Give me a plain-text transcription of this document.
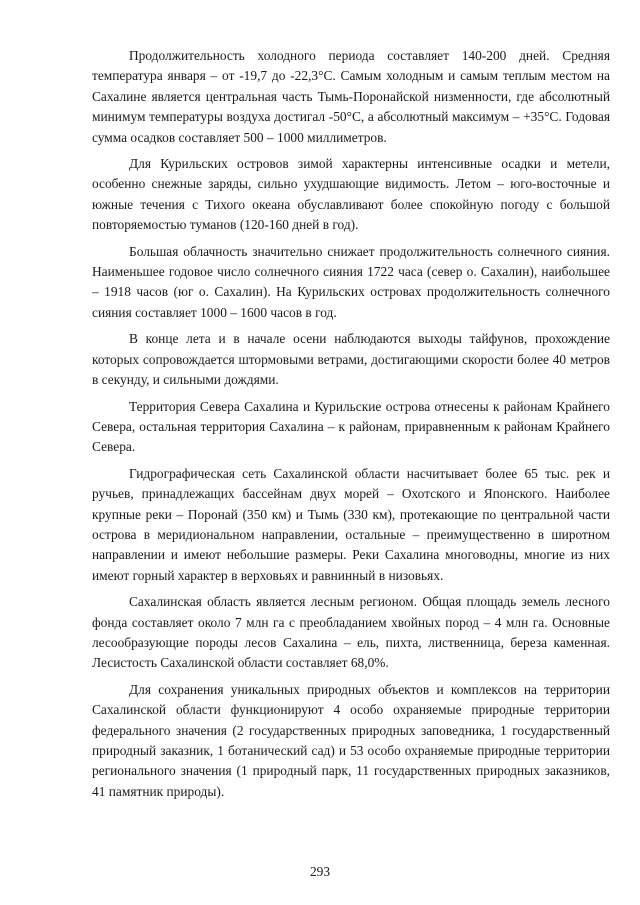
Продолжительность холодного периода составляет 140-200 дней. Средняя температура января – от -19,7 до -22,3°С. Самым холодным и самым теплым местом на Сахалине является центральная часть Тымь-Поронайской низменности, где абсолютный минимум температуры воздуха достигал -50°С, а абсолютный максимум – +35°С. Годовая сумма осадков составляет 500 – 1000 миллиметров.

Для Курильских островов зимой характерны интенсивные осадки и метели, особенно снежные заряды, сильно ухудшающие видимость. Летом – юго-восточные и южные течения с Тихого океана обуславливают более спокойную погоду с большой повторяемостью туманов (120-160 дней в год).

Большая облачность значительно снижает продолжительность солнечного сияния. Наименьшее годовое число солнечного сияния 1722 часа (север о. Сахалин), наибольшее – 1918 часов (юг о. Сахалин). На Курильских островах продолжительность солнечного сияния составляет 1000 – 1600 часов в год.

В конце лета и в начале осени наблюдаются выходы тайфунов, прохождение которых сопровождается штормовыми ветрами, достигающими скорости более 40 метров в секунду, и сильными дождями.

Территория Севера Сахалина и Курильские острова отнесены к районам Крайнего Севера, остальная территория Сахалина – к районам, приравненным к районам Крайнего Севера.

Гидрографическая сеть Сахалинской области насчитывает более 65 тыс. рек и ручьев, принадлежащих бассейнам двух морей – Охотского и Японского. Наиболее крупные реки – Поронай (350 км) и Тымь (330 км), протекающие по центральной части острова в меридиональном направлении, остальные – преимущественно в широтном направлении и имеют небольшие размеры. Реки Сахалина многоводны, многие из них имеют горный характер в верховьях и равнинный в низовьях.

Сахалинская область является лесным регионом. Общая площадь земель лесного фонда составляет около 7 млн га с преобладанием хвойных пород – 4 млн га. Основные лесообразующие породы лесов Сахалина – ель, пихта, лиственница, береза каменная. Лесистость Сахалинской области составляет 68,0%.

Для сохранения уникальных природных объектов и комплексов на территории Сахалинской области функционируют 4 особо охраняемые природные территории федерального значения (2 государственных природных заповедника, 1 государственный природный заказник, 1 ботанический сад) и 53 особо охраняемые природные территории регионального значения (1 природный парк, 11 государственных природных заказников, 41 памятник природы).

293
